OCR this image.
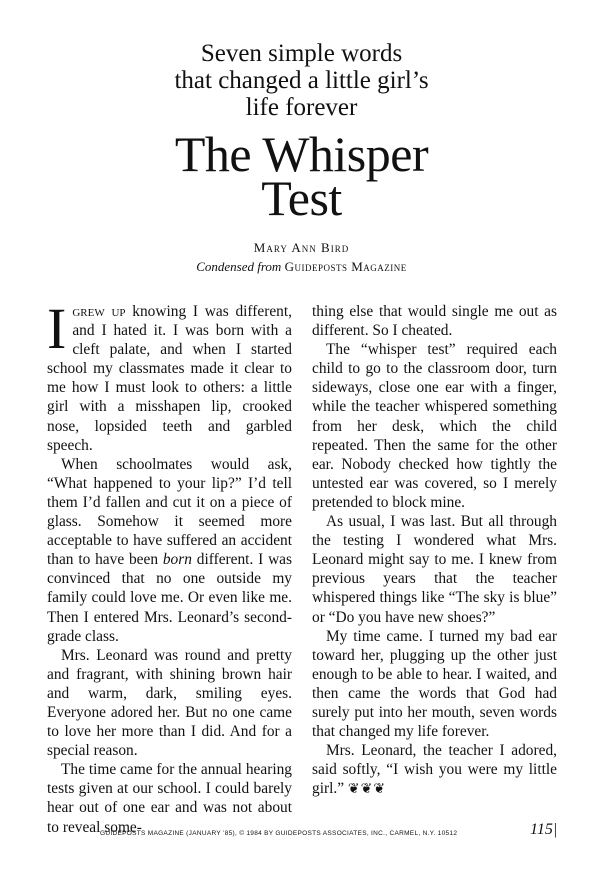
Seven simple words
that changed a little girl’s
life forever
The Whisper
Test
Mary Ann Bird
Condensed from Guideposts Magazine

Igrew up knowing I was different, and I hated it. I was born with a cleft palate, and when I started school my classmates made it clear to me how I must look to others: a little girl with a misshapen lip, crooked nose, lopsided teeth and garbled speech.

When schoolmates would ask, “What happened to your lip?” I’d tell them I’d fallen and cut it on a piece of glass. Somehow it seemed more acceptable to have suffered an accident than to have been born different. I was convinced that no one outside my family could love me. Or even like me. Then I entered Mrs. Leonard’s second-grade class.

Mrs. Leonard was round and pretty and fragrant, with shining brown hair and warm, dark, smiling eyes. Everyone adored her. But no one came to love her more than I did. And for a special reason.

The time came for the annual hearing tests given at our school. I could barely hear out of one ear and was not about to reveal some-

thing else that would single me out as different. So I cheated.

The “whisper test” required each child to go to the classroom door, turn sideways, close one ear with a finger, while the teacher whispered something from her desk, which the child repeated. Then the same for the other ear. Nobody checked how tightly the untested ear was covered, so I merely pretended to block mine.

As usual, I was last. But all through the testing I wondered what Mrs. Leonard might say to me. I knew from previous years that the teacher whispered things like “The sky is blue” or “Do you have new shoes?”

My time came. I turned my bad ear toward her, plugging up the other just enough to be able to hear. I waited, and then came the words that God had surely put into her mouth, seven words that changed my life forever.

Mrs. Leonard, the teacher I adored, said softly, “I wish you were my little girl.” ❦❦❦

GUIDEPOSTS MAGAZINE (JANUARY ’85), © 1984 BY GUIDEPOSTS ASSOCIATES, INC., CARMEL, N.Y. 10512	115|
